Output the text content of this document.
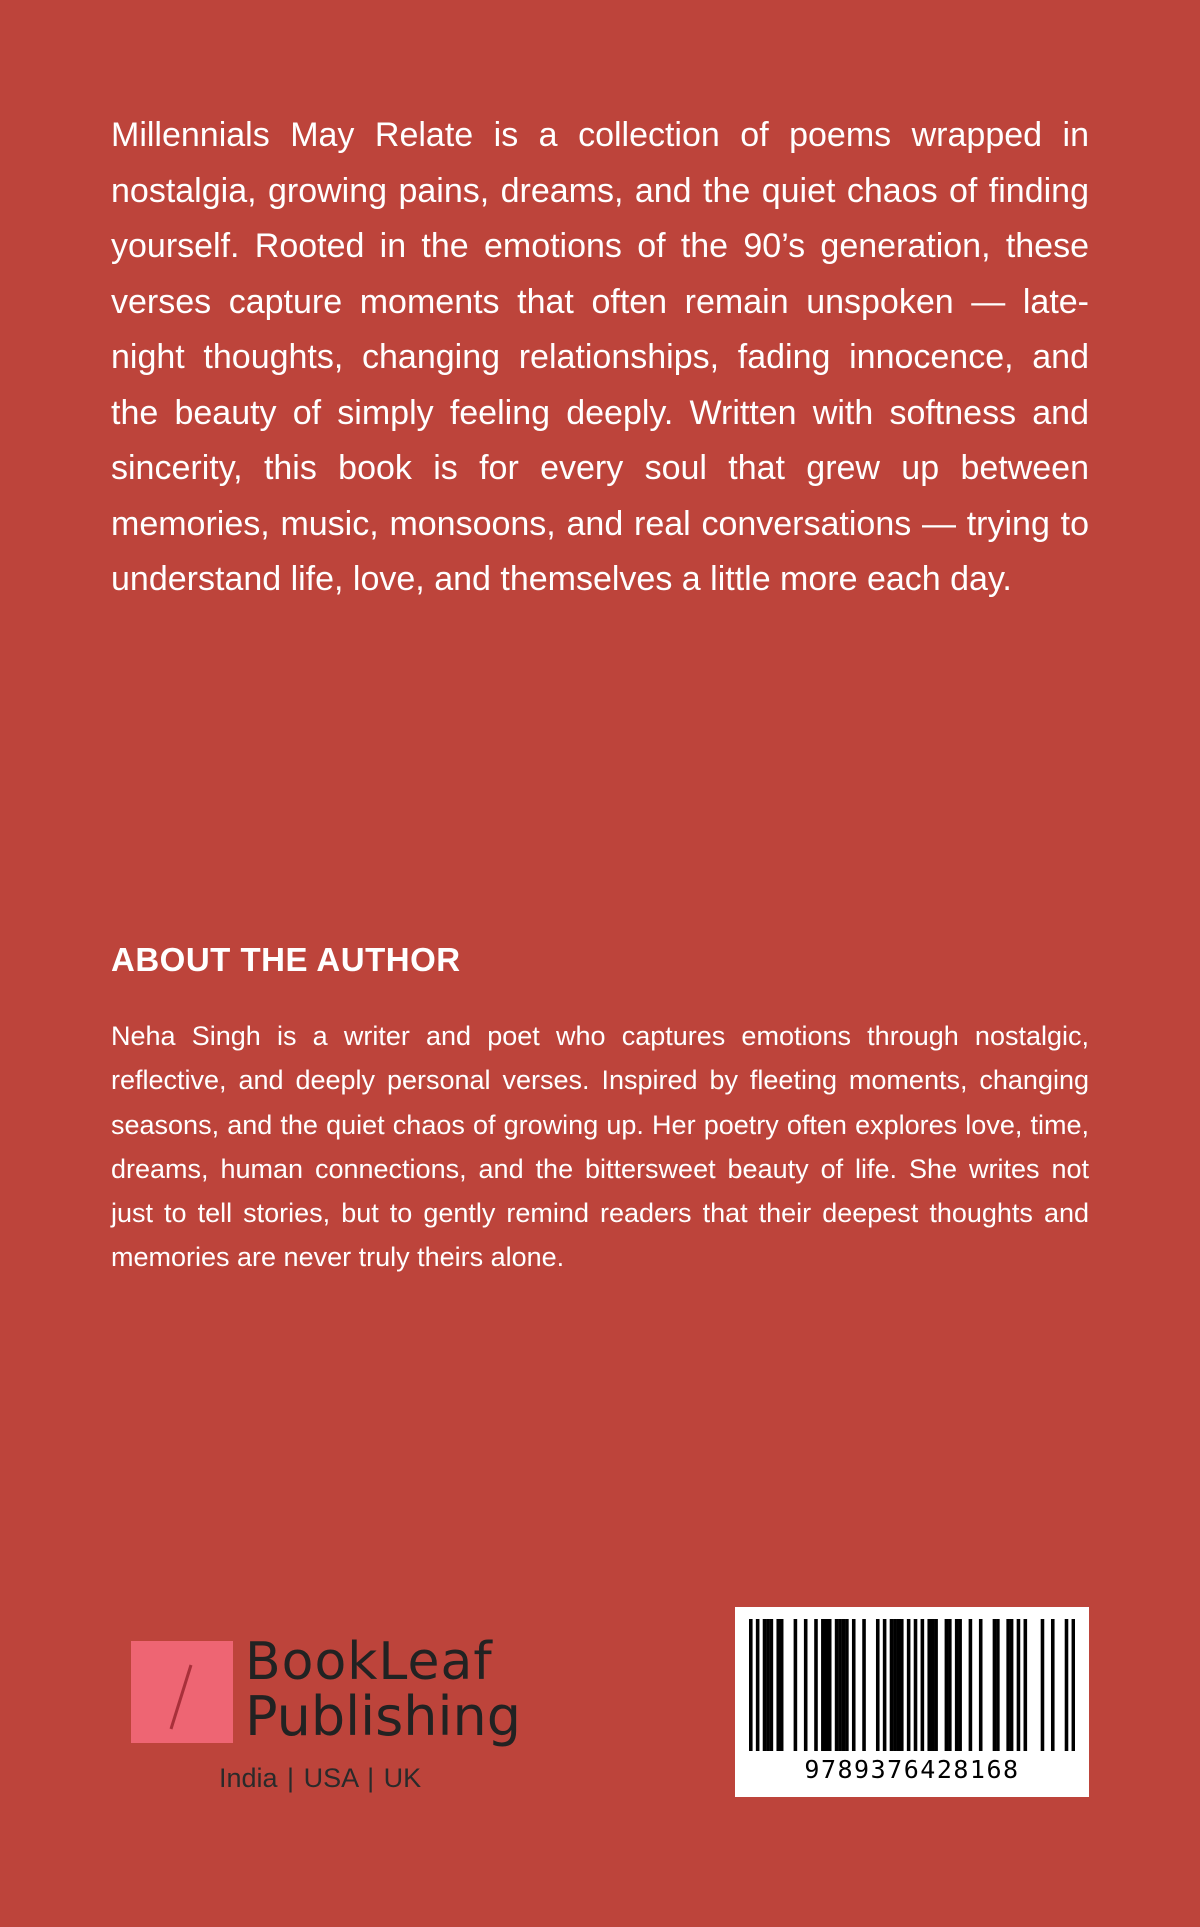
Millennials May Relate is a collection of poems wrapped in nostalgia, growing pains, dreams, and the quiet chaos of finding yourself. Rooted in the emotions of the 90’s generation, these verses capture moments that often remain unspoken — late-night thoughts, changing relationships, fading innocence, and the beauty of simply feeling deeply. Written with softness and sincerity, this book is for every soul that grew up between memories, music, monsoons, and real conversations — trying to understand life, love, and themselves a little more each day.

ABOUT THE AUTHOR

Neha Singh is a writer and poet who captures emotions through nostalgic, reflective, and deeply personal verses. Inspired by fleeting moments, changing seasons, and the quiet chaos of growing up. Her poetry often explores love, time, dreams, human connections, and the bittersweet beauty of life. She writes not just to tell stories, but to gently remind readers that their deepest thoughts and memories are never truly theirs alone.

BookLeaf
Publishing
India | USA | UK	9789376428168
